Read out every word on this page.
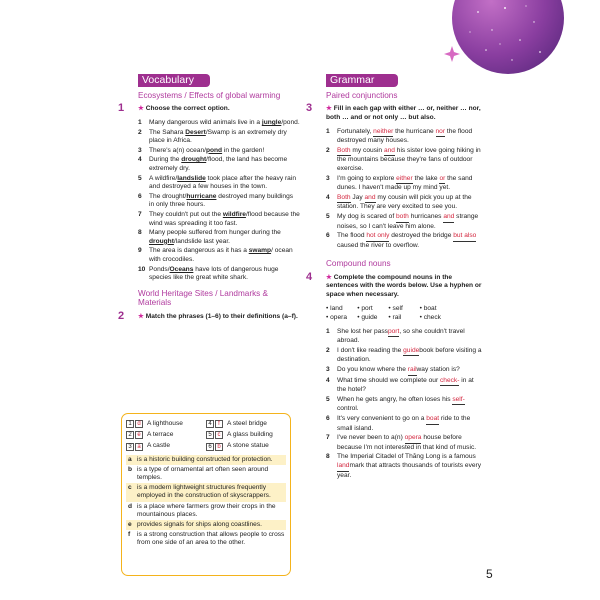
Vocabulary
Ecosystems / Effects of global warming
1 ★ Choose the correct option.
1 Many dangerous wild animals live in a jungle/pond.
2 The Sahara Desert/Swamp is an extremely dry place in Africa.
3 There's a(n) ocean/pond in the garden!
4 During the drought/flood, the land has become extremely dry.
5 A wildfire/landslide took place after the heavy rain and destroyed a few houses in the town.
6 The drought/hurricane destroyed many buildings in only three hours.
7 They couldn't put out the wildfire/flood because the wind was spreading it too fast.
8 Many people suffered from hunger during the drought/landslide last year.
9 The area is dangerous as it has a swamp/ ocean with crocodiles.
10 Ponds/Oceans have lots of dangerous huge species like the great white shark.
World Heritage Sites / Landmarks & Materials
2 ★ Match the phrases (1–6) to their definitions (a–f).
1 d A lighthouse	4	f	A steel bridge
2 e A terrace	5 c A glass building
3 a A castle	6 b A stone statue
a is a historic building constructed for protection.
b is a type of ornamental art often seen around temples.
c is a modern lightweight structures frequently employed in the construction of skyscrappers.
d is a place where farmers grow their crops in the mountainous places.
e provides signals for ships along coastlines.
f is a strong construction that allows people to cross from one side of an area to the other.
Grammar
Paired conjunctions
3 ★ Fill in each gap with either … or, neither … nor, both … and or not only … but also.
1 Fortunately, neither the hurricane nor the flood destroyed many houses.
2 Both my cousin and his sister love going hiking in the mountains because they're fans of outdoor exercise.
3 I'm going to explore either the lake or the sand dunes. I haven't made up my mind yet.
4 Both Jay and my cousin will pick you up at the station. They are very excited to see you.
5 My dog is scared of both hurricanes and strange noises, so I can't leave him alone.
6 The flood hot only destroyed the bridge but also caused the river to overflow.
Compound nouns
4 ★ Complete the compound nouns in the sentences with the words below. Use a hyphen or space when necessary.
• land	• port	• self	• boat
• opera	• guide	• rail	• check
1 She lost her passport, so she couldn't travel abroad.
2 I don't like reading the guidebook before visiting a destination.
3 Do you know where the railway station is?
4 What time should we complete our check- in at the hotel?
5 When he gets angry, he often loses his self- control.
6 It's very convenient to go on a boat ride to the small island.
7 I've never been to a(n) opera house before because I'm not interested in that kind of music.
8 The Imperial Citadel of Thăng Long is a famous landmark that attracts thousands of tourists every year.
5
